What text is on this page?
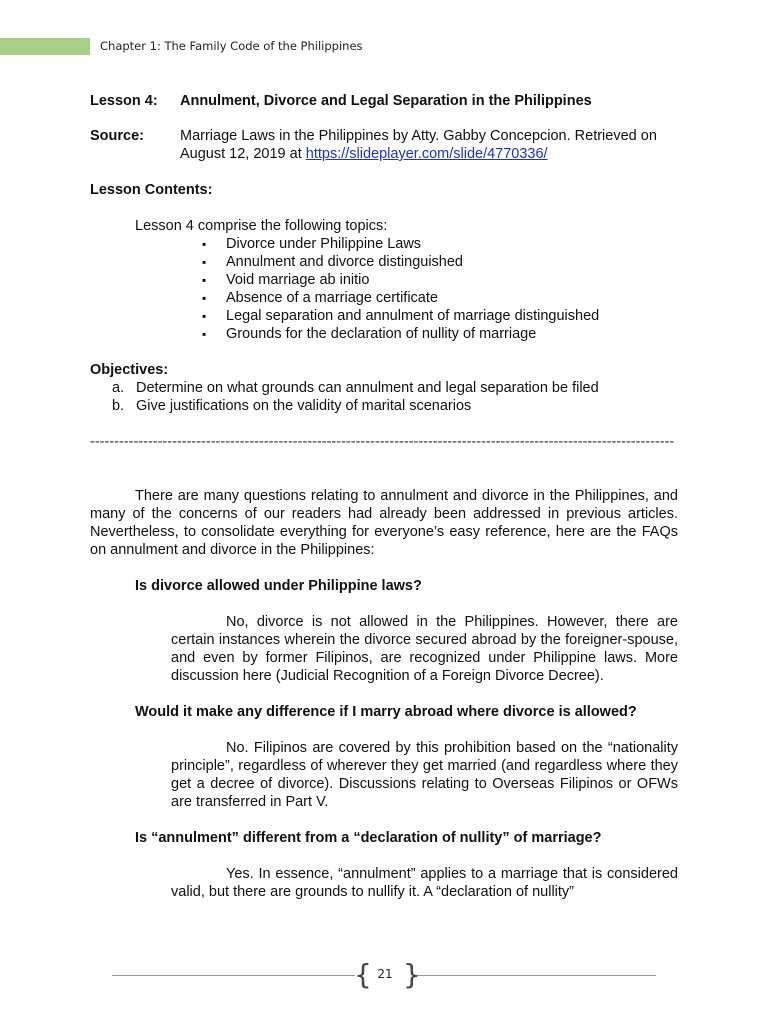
Chapter 1: The Family Code of the Philippines
Lesson 4:	Annulment, Divorce and Legal Separation in the Philippines
Source:	Marriage Laws in the Philippines by Atty. Gabby Concepcion. Retrieved on August 12, 2019 at https://slideplayer.com/slide/4770336/
Lesson Contents:
Lesson 4 comprise the following topics:
▪ Divorce under Philippine Laws
▪ Annulment and divorce distinguished
▪ Void marriage ab initio
▪ Absence of a marriage certificate
▪ Legal separation and annulment of marriage distinguished
▪ Grounds for the declaration of nullity of marriage
Objectives:
a. Determine on what grounds can annulment and legal separation be filed
b. Give justifications on the validity of marital scenarios
-------------------------------------------------------------------------------------------------------------------------

There are many questions relating to annulment and divorce in the Philippines, and many of the concerns of our readers had already been addressed in previous articles. Nevertheless, to consolidate everything for everyone’s easy reference, here are the FAQs on annulment and divorce in the Philippines:

Is divorce allowed under Philippine laws?

No, divorce is not allowed in the Philippines. However, there are certain instances wherein the divorce secured abroad by the foreigner-spouse, and even by former Filipinos, are recognized under Philippine laws. More discussion here (Judicial Recognition of a Foreign Divorce Decree).

Would it make any difference if I marry abroad where divorce is allowed?

No. Filipinos are covered by this prohibition based on the “nationality principle”, regardless of wherever they get married (and regardless where they get a decree of divorce). Discussions relating to Overseas Filipinos or OFWs are transferred in Part V.

Is “annulment” different from a “declaration of nullity” of marriage?

Yes. In essence, “annulment” applies to a marriage that is considered valid, but there are grounds to nullify it. A “declaration of nullity”

{ }
21
